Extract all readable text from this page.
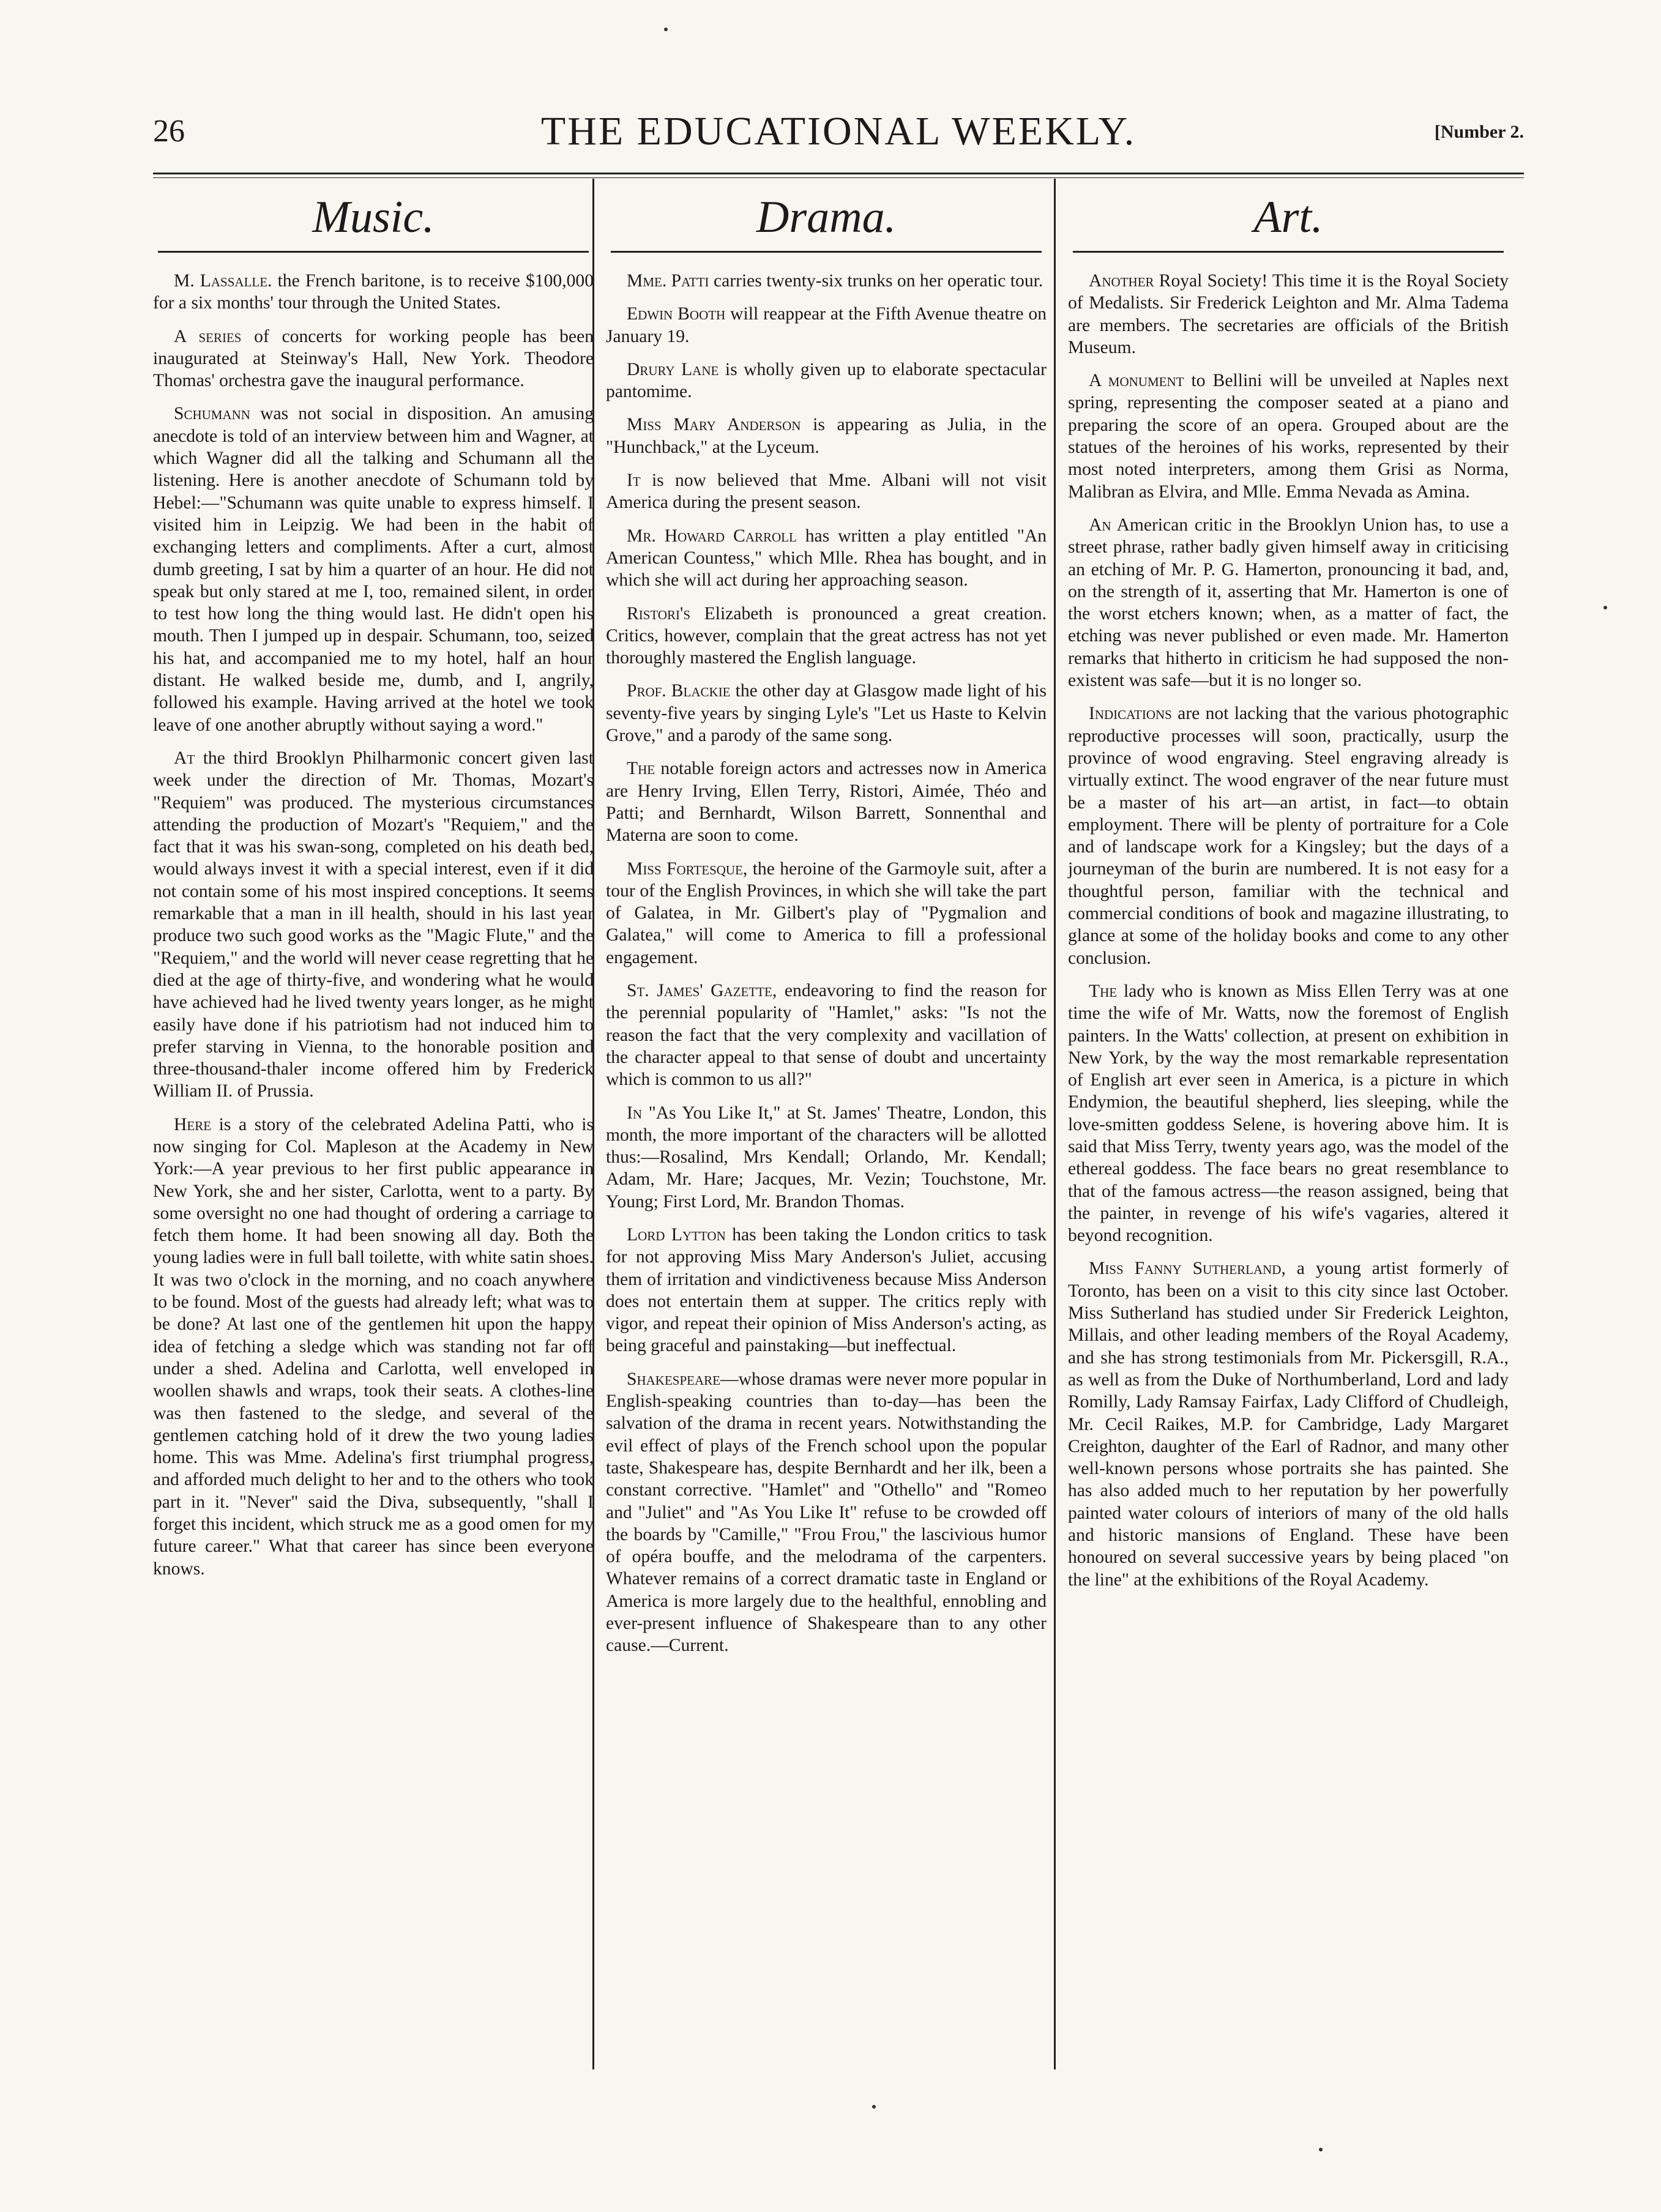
26	THE EDUCATIONAL WEEKLY.	[Number 2.
Music.

M. Lassalle. the French baritone, is to receive $100,000 for a six months' tour through the United States.

A series of concerts for working people has been inaugurated at Steinway's Hall, New York. Theodore Thomas' orchestra gave the inaugural performance.

Schumann was not social in disposition. An amusing anecdote is told of an interview between him and Wagner, at which Wagner did all the talking and Schumann all the listening. Here is another anecdote of Schumann told by Hebel:—"Schumann was quite unable to express himself. I visited him in Leipzig. We had been in the habit of exchanging letters and compliments. After a curt, almost dumb greeting, I sat by him a quarter of an hour. He did not speak but only stared at me I, too, remained silent, in order to test how long the thing would last. He didn't open his mouth. Then I jumped up in despair. Schumann, too, seized his hat, and accompanied me to my hotel, half an hour distant. He walked beside me, dumb, and I, angrily, followed his example. Having arrived at the hotel we took leave of one another abruptly without saying a word."

At the third Brooklyn Philharmonic concert given last week under the direction of Mr. Thomas, Mozart's "Requiem" was produced. The mysterious circumstances attending the production of Mozart's "Requiem," and the fact that it was his swan-song, completed on his death bed, would always invest it with a special interest, even if it did not contain some of his most inspired conceptions. It seems remarkable that a man in ill health, should in his last year produce two such good works as the "Magic Flute," and the "Requiem," and the world will never cease regretting that he died at the age of thirty-five, and wondering what he would have achieved had he lived twenty years longer, as he might easily have done if his patriotism had not induced him to prefer starving in Vienna, to the honorable position and three-thousand-thaler income offered him by Frederick William II. of Prussia.

Here is a story of the celebrated Adelina Patti, who is now singing for Col. Mapleson at the Academy in New York:—A year previous to her first public appearance in New York, she and her sister, Carlotta, went to a party. By some oversight no one had thought of ordering a carriage to fetch them home. It had been snowing all day. Both the young ladies were in full ball toilette, with white satin shoes. It was two o'clock in the morning, and no coach anywhere to be found. Most of the guests had already left; what was to be done? At last one of the gentlemen hit upon the happy idea of fetching a sledge which was standing not far off under a shed. Adelina and Carlotta, well enveloped in woollen shawls and wraps, took their seats. A clothes-line was then fastened to the sledge, and several of the gentlemen catching hold of it drew the two young ladies home. This was Mme. Adelina's first triumphal progress, and afforded much delight to her and to the others who took part in it. "Never" said the Diva, subsequently, "shall I forget this incident, which struck me as a good omen for my future career." What that career has since been everyone knows.

Drama.

Mme. Patti carries twenty-six trunks on her operatic tour.

Edwin Booth will reappear at the Fifth Avenue theatre on January 19.

Drury Lane is wholly given up to elaborate spectacular pantomime.

Miss Mary Anderson is appearing as Julia, in the "Hunchback," at the Lyceum.

It is now believed that Mme. Albani will not visit America during the present season.

Mr. Howard Carroll has written a play entitled "An American Countess," which Mlle. Rhea has bought, and in which she will act during her approaching season.

Ristori's Elizabeth is pronounced a great creation. Critics, however, complain that the great actress has not yet thoroughly mastered the English language.

Prof. Blackie the other day at Glasgow made light of his seventy-five years by singing Lyle's "Let us Haste to Kelvin Grove," and a parody of the same song.

The notable foreign actors and actresses now in America are Henry Irving, Ellen Terry, Ristori, Aimée, Théo and Patti; and Bernhardt, Wilson Barrett, Sonnenthal and Materna are soon to come.

Miss Fortesque, the heroine of the Garmoyle suit, after a tour of the English Provinces, in which she will take the part of Galatea, in Mr. Gilbert's play of "Pygmalion and Galatea," will come to America to fill a professional engagement.

St. James' Gazette, endeavoring to find the reason for the perennial popularity of "Hamlet," asks: "Is not the reason the fact that the very complexity and vacillation of the character appeal to that sense of doubt and uncertainty which is common to us all?"

In "As You Like It," at St. James' Theatre, London, this month, the more important of the characters will be allotted thus:—Rosalind, Mrs Kendall; Orlando, Mr. Kendall; Adam, Mr. Hare; Jacques, Mr. Vezin; Touchstone, Mr. Young; First Lord, Mr. Brandon Thomas.

Lord Lytton has been taking the London critics to task for not approving Miss Mary Anderson's Juliet, accusing them of irritation and vindictiveness because Miss Anderson does not entertain them at supper. The critics reply with vigor, and repeat their opinion of Miss Anderson's acting, as being graceful and painstaking—but ineffectual.

Shakespeare—whose dramas were never more popular in English-speaking countries than to-day—has been the salvation of the drama in recent years. Notwithstanding the evil effect of plays of the French school upon the popular taste, Shakespeare has, despite Bernhardt and her ilk, been a constant corrective. "Hamlet" and "Othello" and "Romeo and "Juliet" and "As You Like It" refuse to be crowded off the boards by "Camille," "Frou Frou," the lascivious humor of opéra bouffe, and the melodrama of the carpenters. Whatever remains of a correct dramatic taste in England or America is more largely due to the healthful, ennobling and ever-present influence of Shakespeare than to any other cause.—Current.

Art.

Another Royal Society! This time it is the Royal Society of Medalists. Sir Frederick Leighton and Mr. Alma Tadema are members. The secretaries are officials of the British Museum.

A monument to Bellini will be unveiled at Naples next spring, representing the composer seated at a piano and preparing the score of an opera. Grouped about are the statues of the heroines of his works, represented by their most noted interpreters, among them Grisi as Norma, Malibran as Elvira, and Mlle. Emma Nevada as Amina.

An American critic in the Brooklyn Union has, to use a street phrase, rather badly given himself away in criticising an etching of Mr. P. G. Hamerton, pronouncing it bad, and, on the strength of it, asserting that Mr. Hamerton is one of the worst etchers known; when, as a matter of fact, the etching was never published or even made. Mr. Hamerton remarks that hitherto in criticism he had supposed the non-existent was safe—but it is no longer so.

Indications are not lacking that the various photographic reproductive processes will soon, practically, usurp the province of wood engraving. Steel engraving already is virtually extinct. The wood engraver of the near future must be a master of his art—an artist, in fact—to obtain employment. There will be plenty of portraiture for a Cole and of landscape work for a Kingsley; but the days of a journeyman of the burin are numbered. It is not easy for a thoughtful person, familiar with the technical and commercial conditions of book and magazine illustrating, to glance at some of the holiday books and come to any other conclusion.

The lady who is known as Miss Ellen Terry was at one time the wife of Mr. Watts, now the foremost of English painters. In the Watts' collection, at present on exhibition in New York, by the way the most remarkable representation of English art ever seen in America, is a picture in which Endymion, the beautiful shepherd, lies sleeping, while the love-smitten goddess Selene, is hovering above him. It is said that Miss Terry, twenty years ago, was the model of the ethereal goddess. The face bears no great resemblance to that of the famous actress—the reason assigned, being that the painter, in revenge of his wife's vagaries, altered it beyond recognition.

Miss Fanny Sutherland, a young artist formerly of Toronto, has been on a visit to this city since last October. Miss Sutherland has studied under Sir Frederick Leighton, Millais, and other leading members of the Royal Academy, and she has strong testimonials from Mr. Pickersgill, R.A., as well as from the Duke of Northumberland, Lord and lady Romilly, Lady Ramsay Fairfax, Lady Clifford of Chudleigh, Mr. Cecil Raikes, M.P. for Cambridge, Lady Margaret Creighton, daughter of the Earl of Radnor, and many other well-known persons whose portraits she has painted. She has also added much to her reputation by her powerfully painted water colours of interiors of many of the old halls and historic mansions of England. These have been honoured on several successive years by being placed "on the line" at the exhibitions of the Royal Academy.
